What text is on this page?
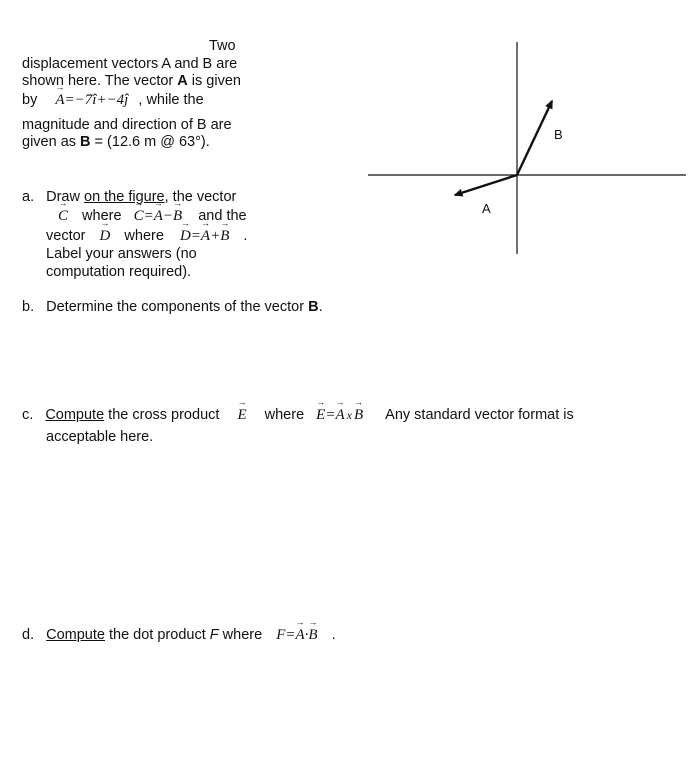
Two
displacement vectors A and B are
shown here. The vector A is given
by → A=−7î+−4ĵ , while the
magnitude and direction of B are
given as B = (12.6 m @ 63°).
a. Draw on the figure, the vector
→ C where → C=→ A−→ B and the
vector → D where → D=→ A+→ B .
Label your answers (no
computation required).
b. Determine the components of the vector B.
c. Compute the cross product → E where → E=→ A x → B Any standard vector format is
acceptable here.
d. Compute the dot product F where F=→ A·→ B .
A
B
